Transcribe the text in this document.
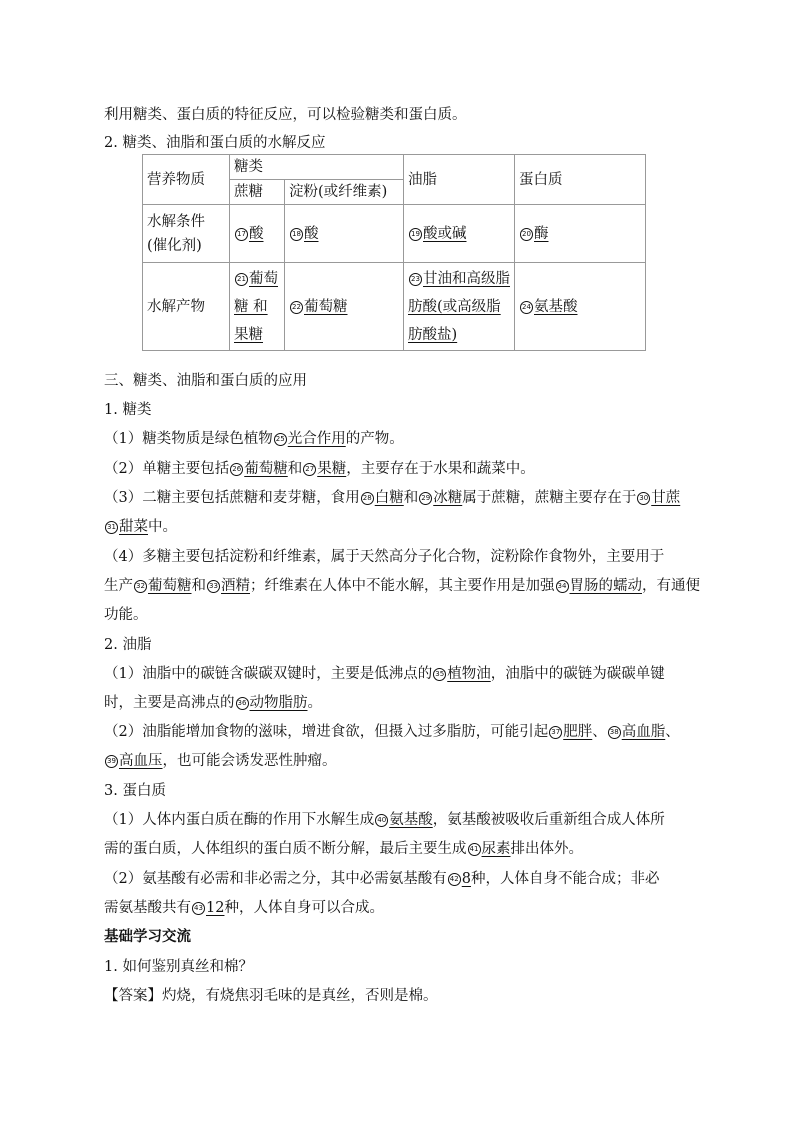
利用糖类、蛋白质的特征反应，可以检验糖类和蛋白质。
2. 糖类、油脂和蛋白质的水解反应
营养物质	糖类		油脂	蛋白质
	蔗糖	淀粉(或纤维素)		
水解条件(催化剂)	17 酸	18 酸	19 酸或碱	20 酶
水解产物	21 葡萄糖 和果糖	22 葡萄糖	23 甘油和高级脂肪酸(或高级脂肪酸盐)	24 氨基酸
三、糖类、油脂和蛋白质的应用
1. 糖类
（1）糖类物质是绿色植物 25 光合作用的产物。
（2）单糖主要包括 26 葡萄糖和 27 果糖，主要存在于水果和蔬菜中。
（3）二糖主要包括蔗糖和麦芽糖，食用 28 白糖和 29 冰糖属于蔗糖，蔗糖主要存在于 30 甘蔗
31 甜菜中。
（4）多糖主要包括淀粉和纤维素，属于天然高分子化合物，淀粉除作食物外，主要用于
生产 32 葡萄糖和 33 酒精；纤维素在人体中不能水解，其主要作用是加强 34 胃肠的蠕动，有通便
功能。
2. 油脂
（1）油脂中的碳链含碳碳双键时，主要是低沸点的 35 植物油，油脂中的碳链为碳碳单键
时，主要是高沸点的 36 动物脂肪。
（2）油脂能增加食物的滋味，增进食欲，但摄入过多脂肪，可能引起 37 肥胖、 38 高血脂、
39 高血压，也可能会诱发恶性肿瘤。
3. 蛋白质
（1）人体内蛋白质在酶的作用下水解生成 40 氨基酸，氨基酸被吸收后重新组合成人体所
需的蛋白质，人体组织的蛋白质不断分解，最后主要生成 41 尿素排出体外。
（2）氨基酸有必需和非必需之分，其中必需氨基酸有 42 8种，人体自身不能合成；非必
需氨基酸共有 43 12种，人体自身可以合成。
基础学习交流
1. 如何鉴别真丝和棉？
【答案】灼烧，有烧焦羽毛味的是真丝，否则是棉。
